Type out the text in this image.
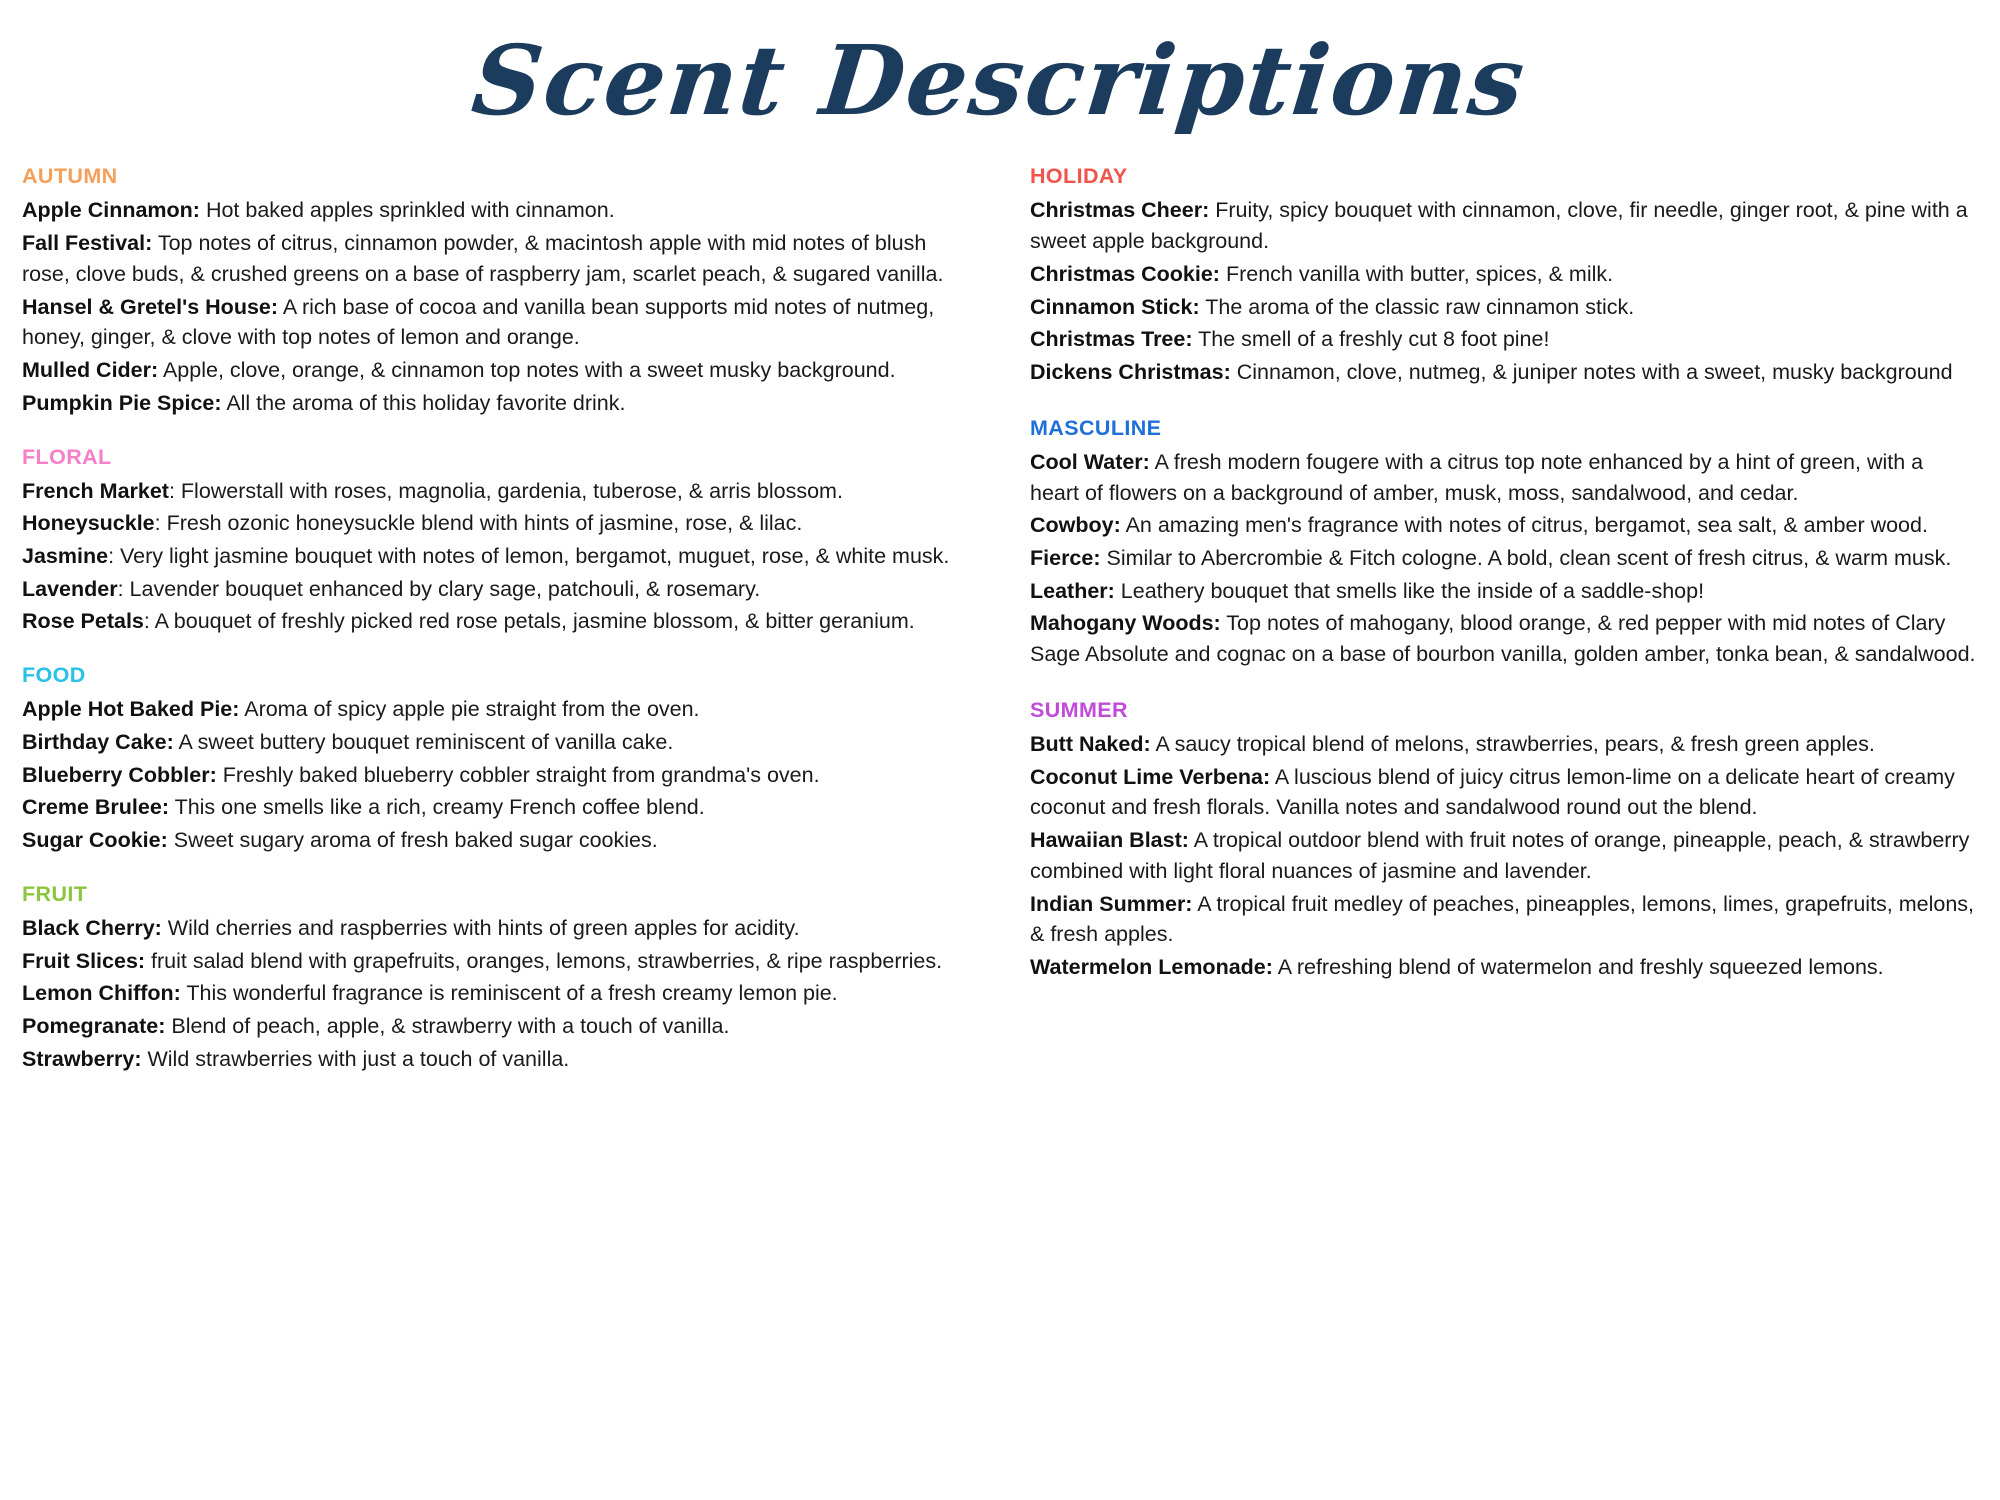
Scent Descriptions
AUTUMN

Apple Cinnamon: Hot baked apples sprinkled with cinnamon.

Fall Festival: Top notes of citrus, cinnamon powder, & macintosh apple with mid notes of blush rose, clove buds, & crushed greens on a base of raspberry jam, scarlet peach, & sugared vanilla.

Hansel & Gretel's House: A rich base of cocoa and vanilla bean supports mid notes of nutmeg, honey, ginger, & clove with top notes of lemon and orange.

Mulled Cider: Apple, clove, orange, & cinnamon top notes with a sweet musky background.

Pumpkin Pie Spice: All the aroma of this holiday favorite drink.

FLORAL

French Market: Flowerstall with roses, magnolia, gardenia, tuberose, & arris blossom.

Honeysuckle: Fresh ozonic honeysuckle blend with hints of jasmine, rose, & lilac.

Jasmine: Very light jasmine bouquet with notes of lemon, bergamot, muguet, rose, & white musk.

Lavender: Lavender bouquet enhanced by clary sage, patchouli, & rosemary.

Rose Petals: A bouquet of freshly picked red rose petals, jasmine blossom, & bitter geranium.

FOOD

Apple Hot Baked Pie: Aroma of spicy apple pie straight from the oven.

Birthday Cake: A sweet buttery bouquet reminiscent of vanilla cake.

Blueberry Cobbler: Freshly baked blueberry cobbler straight from grandma's oven.

Creme Brulee: This one smells like a rich, creamy French coffee blend.

Sugar Cookie: Sweet sugary aroma of fresh baked sugar cookies.

FRUIT

Black Cherry: Wild cherries and raspberries with hints of green apples for acidity.

Fruit Slices: fruit salad blend with grapefruits, oranges, lemons, strawberries, & ripe raspberries.

Lemon Chiffon: This wonderful fragrance is reminiscent of a fresh creamy lemon pie.

Pomegranate: Blend of peach, apple, & strawberry with a touch of vanilla.

Strawberry: Wild strawberries with just a touch of vanilla.

HOLIDAY

Christmas Cheer: Fruity, spicy bouquet with cinnamon, clove, fir needle, ginger root, & pine with a sweet apple background.

Christmas Cookie: French vanilla with butter, spices, & milk.

Cinnamon Stick: The aroma of the classic raw cinnamon stick.

Christmas Tree: The smell of a freshly cut 8 foot pine!

Dickens Christmas: Cinnamon, clove, nutmeg, & juniper notes with a sweet, musky background

MASCULINE

Cool Water: A fresh modern fougere with a citrus top note enhanced by a hint of green, with a heart of flowers on a background of amber, musk, moss, sandalwood, and cedar.

Cowboy: An amazing men's fragrance with notes of citrus, bergamot, sea salt, & amber wood.

Fierce: Similar to Abercrombie & Fitch cologne. A bold, clean scent of fresh citrus, & warm musk.

Leather: Leathery bouquet that smells like the inside of a saddle-shop!

Mahogany Woods: Top notes of mahogany, blood orange, & red pepper with mid notes of Clary Sage Absolute and cognac on a base of bourbon vanilla, golden amber, tonka bean, & sandalwood.

SUMMER

Butt Naked: A saucy tropical blend of melons, strawberries, pears, & fresh green apples.

Coconut Lime Verbena: A luscious blend of juicy citrus lemon-lime on a delicate heart of creamy coconut and fresh florals. Vanilla notes and sandalwood round out the blend.

Hawaiian Blast: A tropical outdoor blend with fruit notes of orange, pineapple, peach, & strawberry combined with light floral nuances of jasmine and lavender.

Indian Summer: A tropical fruit medley of peaches, pineapples, lemons, limes, grapefruits, melons, & fresh apples.

Watermelon Lemonade: A refreshing blend of watermelon and freshly squeezed lemons.
